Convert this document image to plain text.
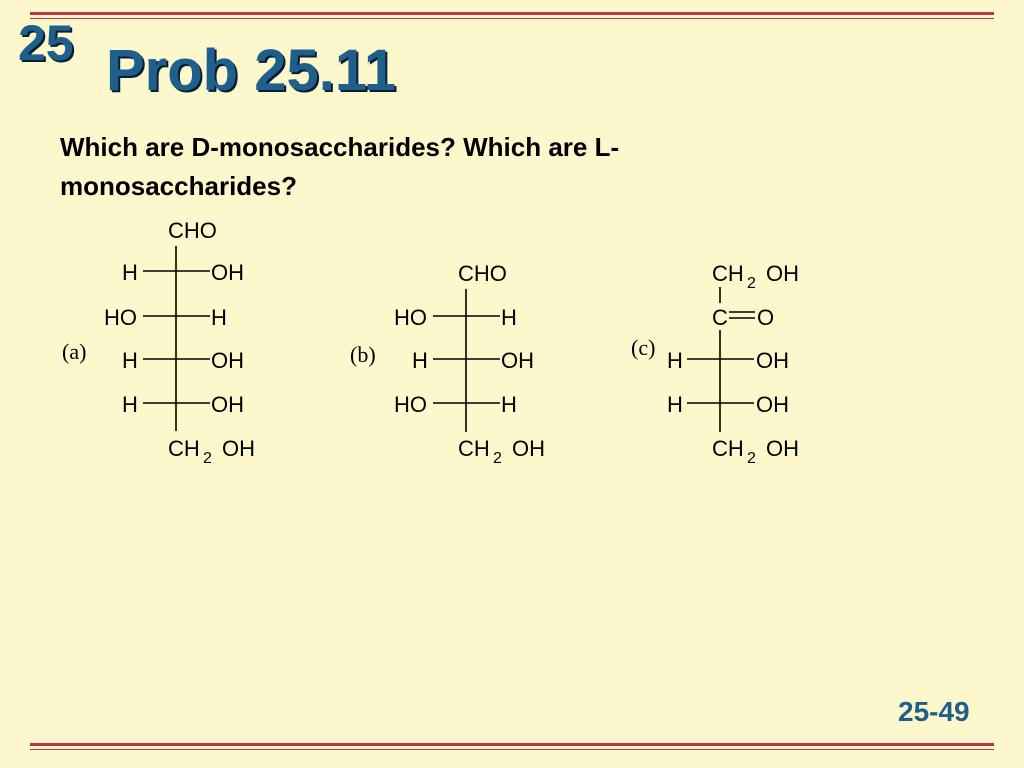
25 Prob 25.11
Which are D-monosaccharides? Which are L-monosaccharides?
(a)
CHO
H	OH
HO	H
H	OH
H	OH
CH 2 OH
(b)
CHO
HO	H
H	OH
HO	H
CH 2 OH
(c)
CH 2 OH
C O
H	OH
H	OH
CH 2 OH
25-49
